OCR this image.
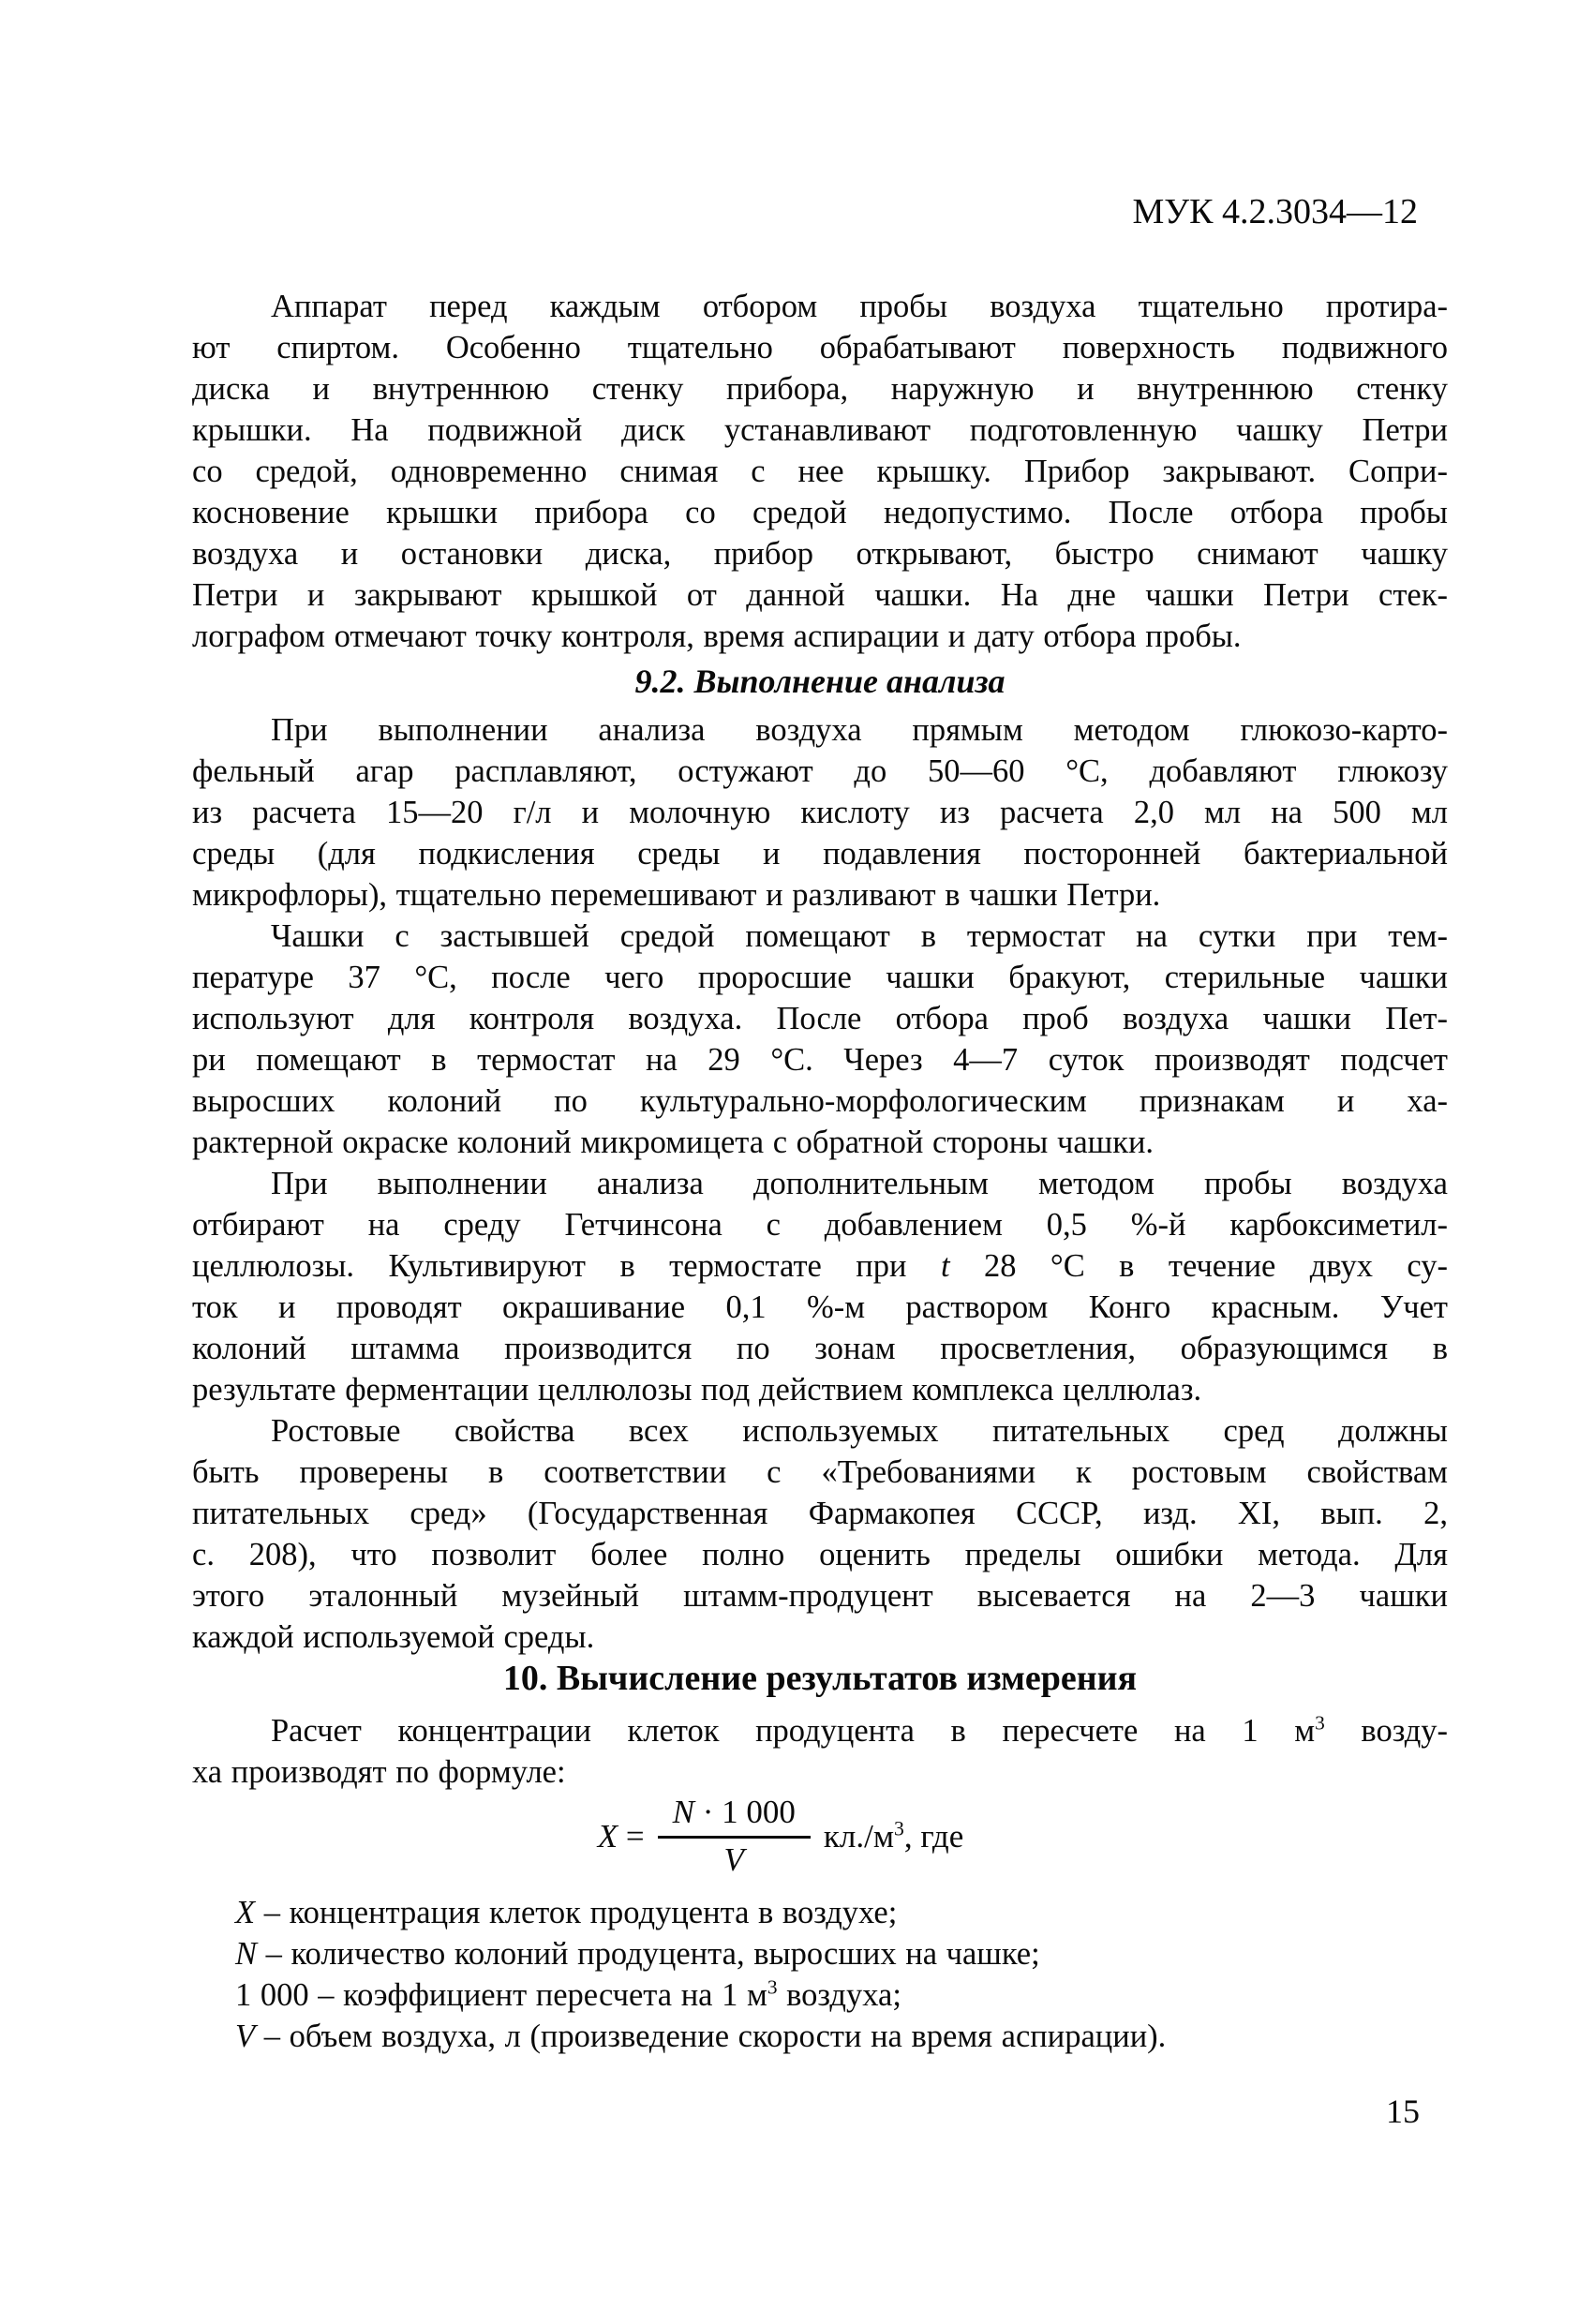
МУК 4.2.3034—12
Аппарат перед каждым отбором пробы воздуха тщательно протира-
ют спиртом. Особенно тщательно обрабатывают поверхность подвижного
диска и внутреннюю стенку прибора, наружную и внутреннюю стенку
крышки. На подвижной диск устанавливают подготовленную чашку Петри
со средой, одновременно снимая с нее крышку. Прибор закрывают. Сопри-
косновение крышки прибора со средой недопустимо. После отбора пробы
воздуха и остановки диска, прибор открывают, быстро снимают чашку
Петри и закрывают крышкой от данной чашки. На дне чашки Петри стек-
лографом отмечают точку контроля, время аспирации и дату отбора пробы.
9.2. Выполнение анализа
При выполнении анализа воздуха прямым методом глюкозо-карто-
фельный агар расплавляют, остужают до 50—60 °С, добавляют глюкозу
из расчета 15—20 г/л и молочную кислоту из расчета 2,0 мл на 500 мл
среды (для подкисления среды и подавления посторонней бактериальной
микрофлоры), тщательно перемешивают и разливают в чашки Петри.
Чашки с застывшей средой помещают в термостат на сутки при тем-
пературе 37 °С, после чего проросшие чашки бракуют, стерильные чашки
используют для контроля воздуха. После отбора проб воздуха чашки Пет-
ри помещают в термостат на 29 °С. Через 4—7 суток производят подсчет
выросших колоний по культурально-морфологическим признакам и ха-
рактерной окраске колоний микромицета с обратной стороны чашки.
При выполнении анализа дополнительным методом пробы воздуха
отбирают на среду Гетчинсона с добавлением 0,5 %-й карбоксиметил-
целлюлозы. Культивируют в термостате при t 28 °С в течение двух су-
ток и проводят окрашивание 0,1 %-м раствором Конго красным. Учет
колоний штамма производится по зонам просветления, образующимся в
результате ферментации целлюлозы под действием комплекса целлюлаз.
Ростовые свойства всех используемых питательных сред должны
быть проверены в соответствии с «Требованиями к ростовым свойствам
питательных сред» (Государственная Фармакопея СССР, изд. XI, вып. 2,
с. 208), что позволит более полно оценить пределы ошибки метода. Для
этого эталонный музейный штамм-продуцент высевается на 2—3 чашки
каждой используемой среды.
10. Вычисление результатов измерения
Расчет концентрации клеток продуцента в пересчете на 1 $м^3$ возду-
ха производят по формуле:
$X = \frac{N \cdot 1 000}{V} кл./м^3$, где
X – концентрация клеток продуцента в воздухе;
N – количество колоний продуцента, выросших на чашке;
1 000 – коэффициент пересчета на 1 $м^3$ воздуха;
V – объем воздуха, л (произведение скорости на время аспирации).
15
